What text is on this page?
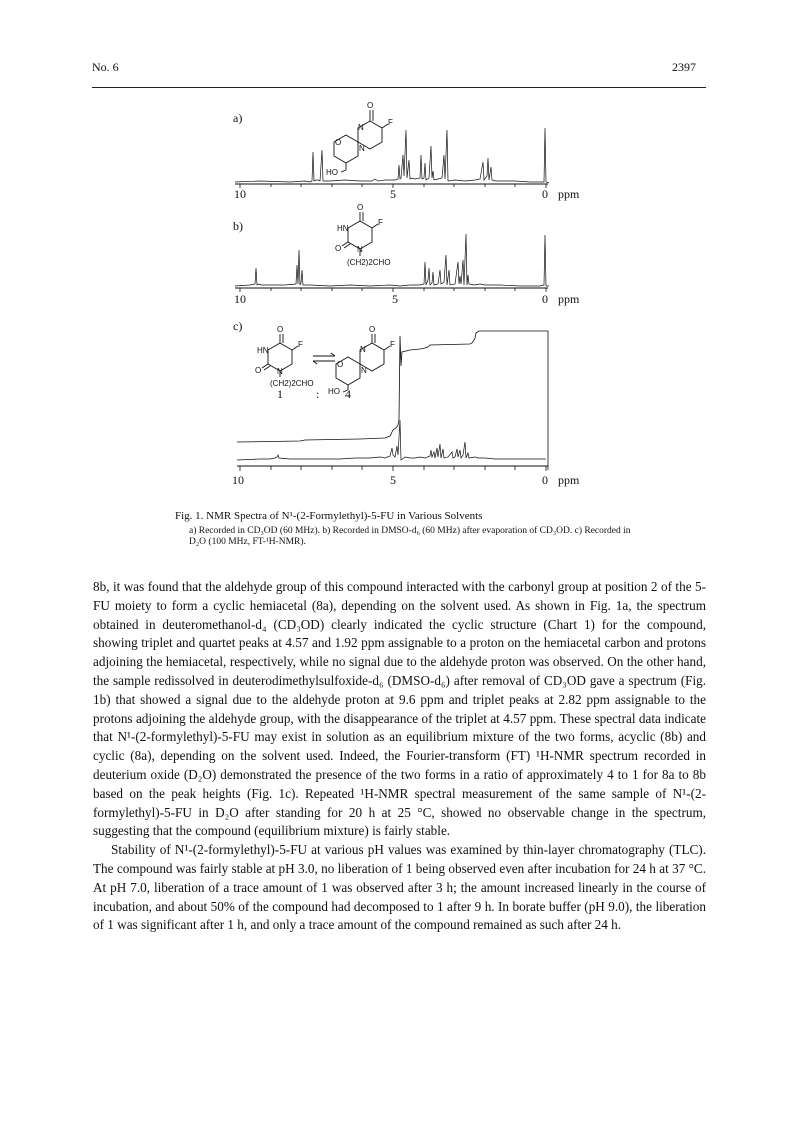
No. 6	2397
a)
O
N
F
O
N
HO
10	5	0 ppm
b)
O
HN
F
O N
(CH2)2CHO
10	5	0 ppm
c)	O
HN
F
O N
(CH2)2CHO
O
N
F
O
N
HO
1	: 4
10	5	0 ppm
Fig. 1. NMR Spectra of N¹-(2-Formylethyl)-5-FU in Various Solvents
a) Recorded in CD₃OD (60 MHz). b) Recorded in DMSO-d₆ (60 MHz) after evaporation of CD₃OD. c) Recorded in D₂O (100 MHz, FT-¹H-NMR).

8b, it was found that the aldehyde group of this compound interacted with the carbonyl group at position 2 of the 5-FU moiety to form a cyclic hemiacetal (8a), depending on the solvent used. As shown in Fig. 1a, the spectrum obtained in deuteromethanol-d₄ (CD₃OD) clearly indicated the cyclic structure (Chart 1) for the compound, showing triplet and quartet peaks at 4.57 and 1.92 ppm assignable to a proton on the hemiacetal carbon and protons adjoining the hemiacetal, respectively, while no signal due to the aldehyde proton was observed. On the other hand, the sample redissolved in deuterodimethylsulfoxide-d₆ (DMSO-d₆) after removal of CD₃OD gave a spectrum (Fig. 1b) that showed a signal due to the aldehyde proton at 9.6 ppm and triplet peaks at 2.82 ppm assignable to the protons adjoining the aldehyde group, with the disappearance of the triplet at 4.57 ppm. These spectral data indicate that N¹-(2-formylethyl)-5-FU may exist in solution as an equilibrium mixture of the two forms, acyclic (8b) and cyclic (8a), depending on the solvent used. Indeed, the Fourier-transform (FT) ¹H-NMR spectrum recorded in deuterium oxide (D₂O) demonstrated the presence of the two forms in a ratio of approximately 4 to 1 for 8a to 8b based on the peak heights (Fig. 1c). Repeated ¹H-NMR spectral measurement of the same sample of N¹-(2-formylethyl)-5-FU in D₂O after standing for 20 h at 25 °C, showed no observable change in the spectrum, suggesting that the compound (equilibrium mixture) is fairly stable.

Stability of N¹-(2-formylethyl)-5-FU at various pH values was examined by thin-layer chromatography (TLC). The compound was fairly stable at pH 3.0, no liberation of 1 being observed even after incubation for 24 h at 37 °C. At pH 7.0, liberation of a trace amount of 1 was observed after 3 h; the amount increased linearly in the course of incubation, and about 50% of the compound had decomposed to 1 after 9 h. In borate buffer (pH 9.0), the liberation of 1 was significant after 1 h, and only a trace amount of the compound remained as such after 24 h.
